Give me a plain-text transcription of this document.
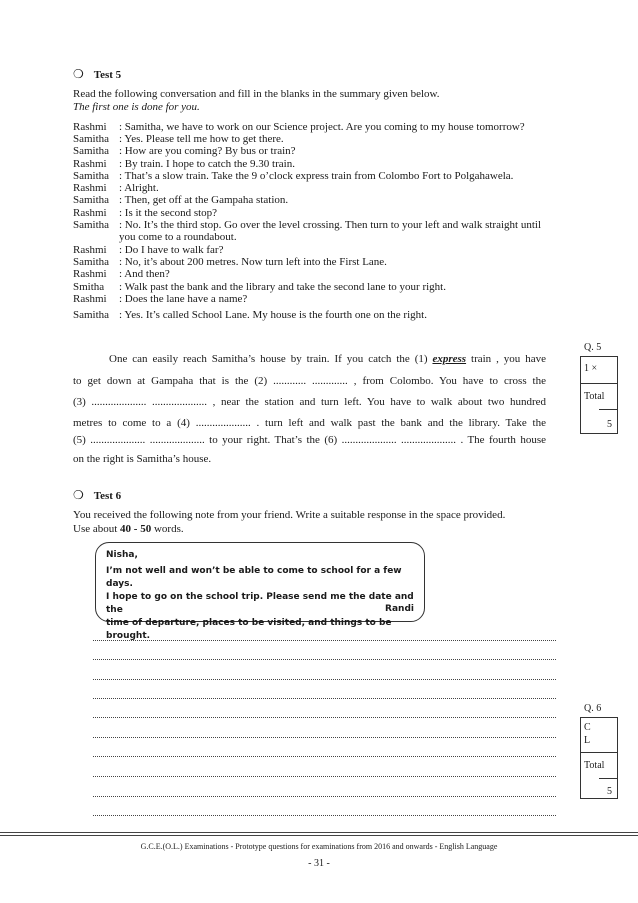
❍ Test 5
Read the following conversation and fill in the blanks in the summary given below.
The first one is done for you.
Rashmi : Samitha, we have to work on our Science project. Are you coming to my house tomorrow?
Samitha : Yes. Please tell me how to get there.
Samitha : How are you coming? By bus or train?
Rashmi : By train. I hope to catch the 9.30 train.
Samitha : That’s a slow train. Take the 9 o’clock express train from Colombo Fort to Polgahawela.
Rashmi : Alright.
Samitha : Then, get off at the Gampaha station.
Rashmi : Is it the second stop?
Samitha : No. It’s the third stop. Go over the level crossing. Then turn to your left and walk straight until
you come to a roundabout.
Rashmi : Do I have to walk far?
Samitha : No, it’s about 200 metres. Now turn left into the First Lane.
Rashmi : And then?
Smitha : Walk past the bank and the library and take the second lane to your right.
Rashmi : Does the lane have a name?
Samitha : Yes. It’s called School Lane. My house is the fourth one on the right.
One can easily reach Samitha’s house by train. If you catch the (1) express train , you have
to get down at Gampaha that is the (2) ............ ............. , from Colombo. You have to cross the
(3) .................... .................... , near the station and turn left. You have to walk about two hundred
metres to come to a (4) .................... . turn left and walk past the bank and the library. Take the
(5) .................... .................... to your right. That’s the (6) .................... .................... . The fourth house
on the right is Samitha’s house.
Q. 5
1 ×
Total
5
❍ Test 6
You received the following note from your friend. Write a suitable response in the space provided.
Use about 40 - 50 words.
Nisha,
I’m not well and won’t be able to come to school for a few days.
I hope to go on the school trip. Please send me the date and the
time of departure, places to be visited, and things to be brought.
Randi
Q. 6
C
L
Total
5
G.C.E.(O.L.) Examinations - Prototype questions for examinations from 2016 and onwards - English Language
- 31 -
